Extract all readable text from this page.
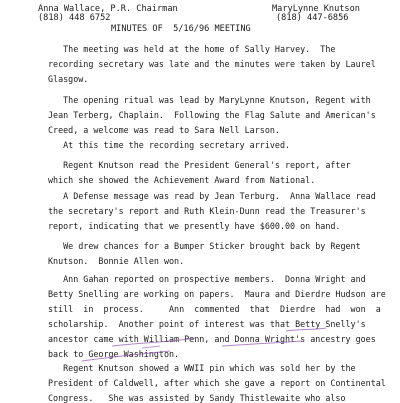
Anna Wallace, P.R. Chairman
(818) 448 6752
MaryLynne Knutson
(818) 447-6856
MINUTES OF  5/16/96 MEETING
The meeting was held at the home of Sally Harvey.  The
recording secretary was late and the minutes were taken by Laurel
Glasgow.
The opening ritual was lead by MaryLynne Knutson, Regent with
Jean Terberg, Chaplain.  Following the Flag Salute and American's
Creed, a welcome was read to Sara Nell Larson.
At this time the recording secretary arrived.
Regent Knutson read the President General's report, after
which she showed the Achievement Award from National.
A Defense message was read by Jean Terburg.  Anna Wallace read
the secretary's report and Ruth Klein-Dunn read the Treasurer's
report, indicating that we presently have $600.00 on hand.
We drew chances for a Bumper Sticker brought back by Regent
Knutson.  Bonnie Allen won.
Ann Gahan reported on prospective members.  Donna Wright and
Betty Snelling are working on papers.  Maura and Dierdre Hudson are
still  in  process.     Ann  commented  that  Dierdre  had  won  a
scholarship.  Another point of interest was that Betty Snelly's
ancestor came with William Penn, and Donna Wright's ancestry goes
back to George Washington.
Regent Knutson showed a WWII pin which was sold her by the
President of Caldwell, after which she gave a report on Continental
Congress.   She was assisted by Sandy Thistlewaite who also
